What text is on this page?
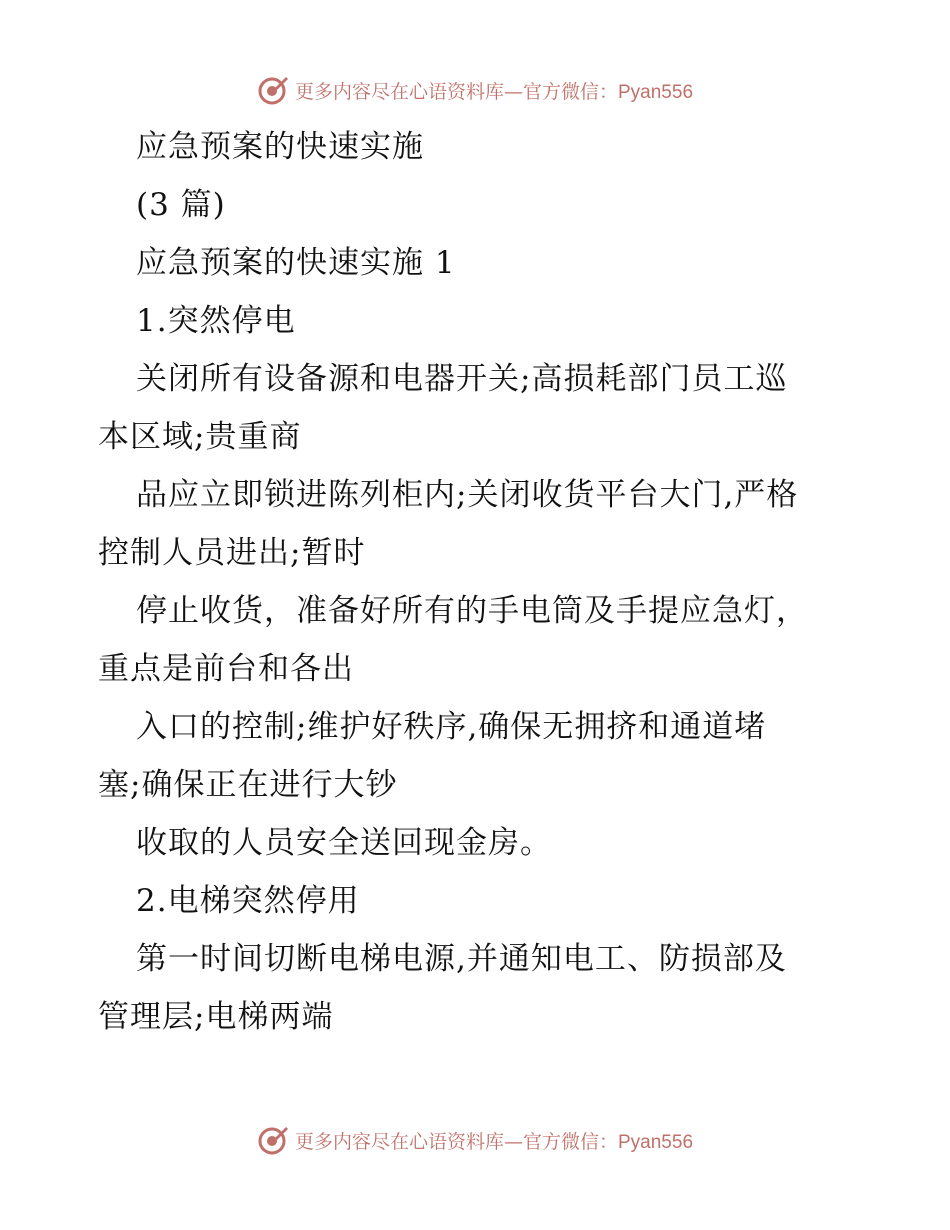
更多内容尽在心语资料库—官方微信：Pyan556
应急预案的快速实施
(3 篇)
应急预案的快速实施 1
1.突然停电
关闭所有设备源和电器开关;高损耗部门员工巡
本区域;贵重商
品应立即锁进陈列柜内;关闭收货平台大门,严格
控制人员进出;暂时
停止收货，准备好所有的手电筒及手提应急灯，
重点是前台和各出
入口的控制;维护好秩序,确保无拥挤和通道堵
塞;确保正在进行大钞
收取的人员安全送回现金房。
2.电梯突然停用
第一时间切断电梯电源,并通知电工、防损部及
管理层;电梯两端
更多内容尽在心语资料库—官方微信：Pyan556
